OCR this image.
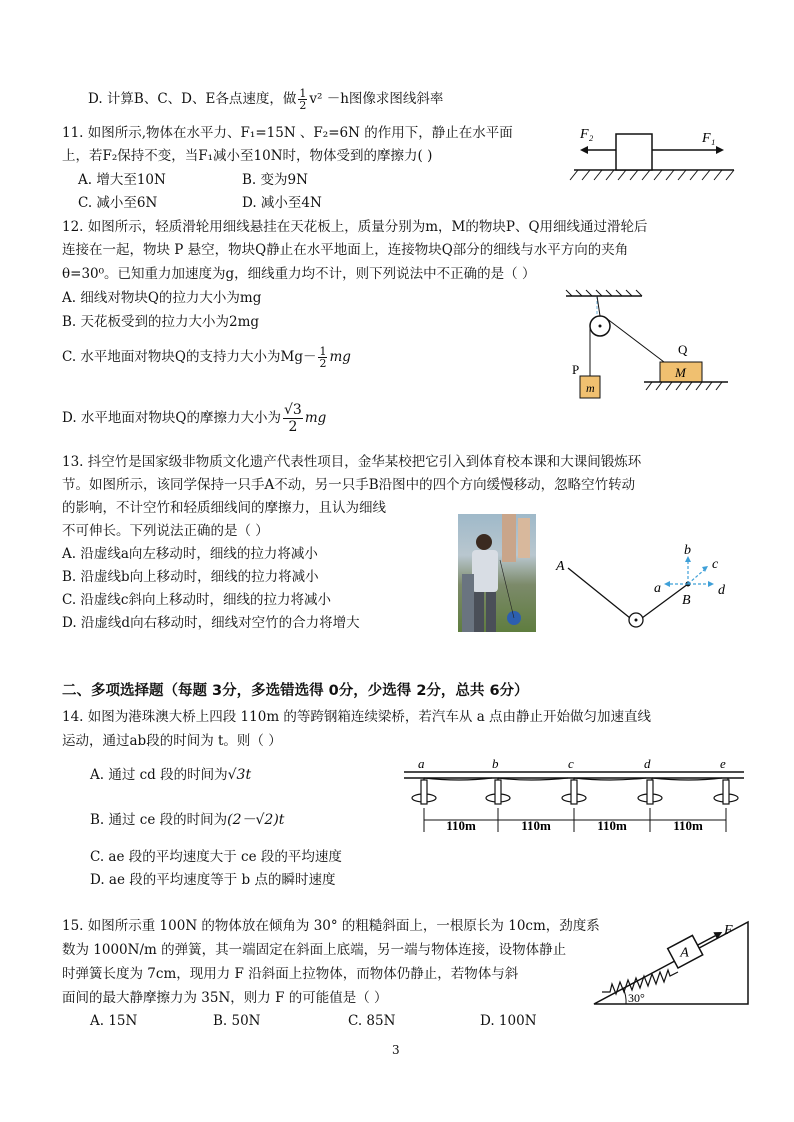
D. 计算B、C、D、E各点速度，做 $\frac{1}{2} v^2 -h$图像求图线斜率
11. 如图所示,物体在水平力、F₁=15N 、F₂=6N 的作用下，静止在水平面
上，若F₂保持不变，当F₁减小至10N时，物体受到的摩擦力( )
A. 增大至10N	B. 变为9N
C. 减小至6N	D. 减小至4N
F₂	F₁
12. 如图所示，轻质滑轮用细线悬挂在天花板上，质量分别为m，M的物块P、Q用细线通过滑轮后
连接在一起，物块 P 悬空，物块Q静止在水平地面上，连接物块Q部分的细线与水平方向的夹角
θ=30⁰。已知重力加速度为g，细线重力均不计，则下列说法中不正确的是（ ）
A. 细线对物块Q的拉力大小为mg
B. 天花板受到的拉力大小为2mg
C. 水平地面对物块Q的支持力大小为$Mg- \frac{1}{2}$ mg
D. 水平地面对物块Q的摩擦力大小为 $\frac{√3}{2}$ mg
Q
P
m
M
13. 抖空竹是国家级非物质文化遗产代表性项目，金华某校把它引入到体育校本课和大课间锻炼环
节。如图所示，该同学保持一只手A不动，另一只手B沿图中的四个方向缓慢移动，忽略空竹转动
的影响，不计空竹和轻质细线间的摩擦力，且认为细线
不可伸长。下列说法正确的是（ ）
A. 沿虚线a向左移动时，细线的拉力将减小
B. 沿虚线b向上移动时，细线的拉力将减小
C. 沿虚线c斜向上移动时，细线的拉力将减小
D. 沿虚线d向右移动时，细线对空竹的合力将增大
A
B
a
b
c
d
二、多项选择题（每题 3分，多选错选得 0分，少选得 2分，总共 6分）
14. 如图为港珠澳大桥上四段 110m 的等跨钢箱连续梁桥，若汽车从 a 点由静止开始做匀加速直线
运动，通过ab段的时间为 t。则（ ）
A. 通过 cd 段的时间为√3t
B. 通过 ce 段的时间为(2－√2)t
C. ae 段的平均速度大于 ce 段的平均速度
D. ae 段的平均速度等于 b 点的瞬时速度
a	b	c	d	e
110m	110m	110m	110m
15. 如图所示重 100N 的物体放在倾角为 30° 的粗糙斜面上，一根原长为 10cm，劲度系
数为 1000N/m 的弹簧，其一端固定在斜面上底端，另一端与物体连接，设物体静止
时弹簧长度为 7cm，现用力 F 沿斜面上拉物体，而物体仍静止，若物体与斜
面间的最大静摩擦力为 35N，则力 F 的可能值是（ ）
A. 15N	B. 50N	C. 85N	D. 100N
A
F
30°
3
